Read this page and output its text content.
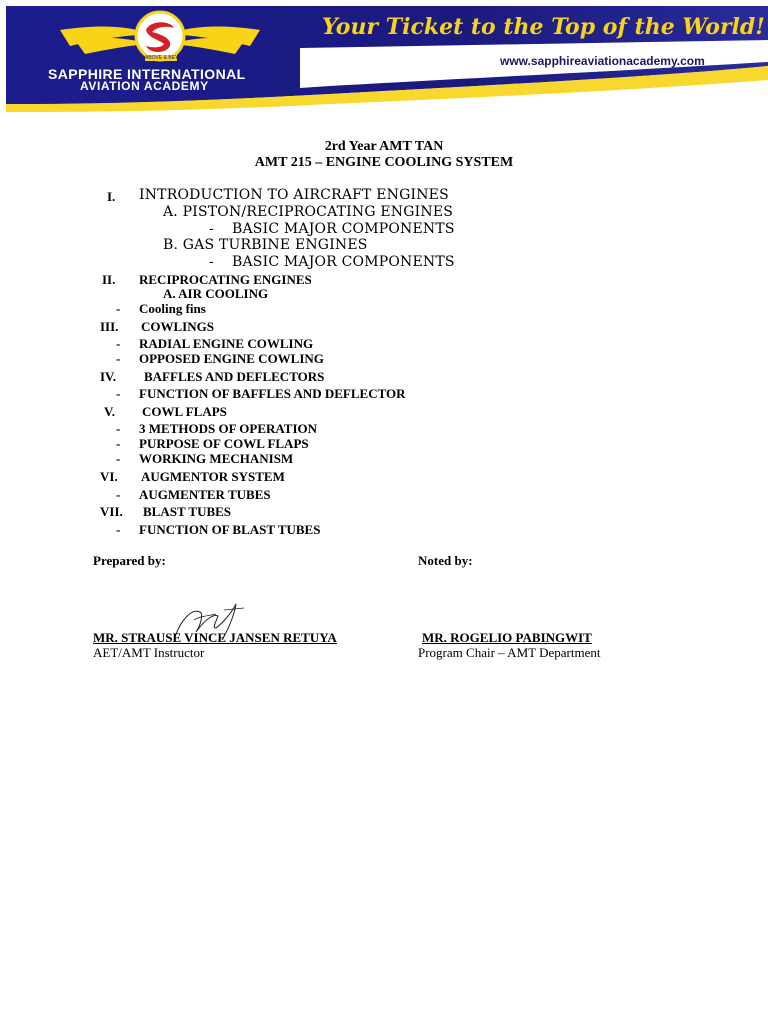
ABOVE & BEYOND
SAPPHIRE INTERNATIONAL
AVIATION ACADEMY
Your Ticket to the Top of the World!
www.sapphireaviationacademy.com
2rd Year AMT TAN
AMT 215 – ENGINE COOLING SYSTEM
I. INTRODUCTION TO AIRCRAFT ENGINES
A. PISTON/RECIPROCATING ENGINES
- BASIC MAJOR COMPONENTS
B. GAS TURBINE ENGINES
- BASIC MAJOR COMPONENTS
II. RECIPROCATING ENGINES
A. AIR COOLING
- Cooling fins
III. COWLINGS
- RADIAL ENGINE COWLING
- OPPOSED ENGINE COWLING
IV. BAFFLES AND DEFLECTORS
- FUNCTION OF BAFFLES AND DEFLECTOR
V. COWL FLAPS
- 3 METHODS OF OPERATION
- PURPOSE OF COWL FLAPS
- WORKING MECHANISM
VI. AUGMENTOR SYSTEM
- AUGMENTER TUBES
VII. BLAST TUBES
- FUNCTION OF BLAST TUBES
Prepared by:	Noted by:
MR. STRAUSE VINCE JANSEN RETUYA	MR. ROGELIO PABINGWIT
AET/AMT Instructor	Program Chair – AMT Department
